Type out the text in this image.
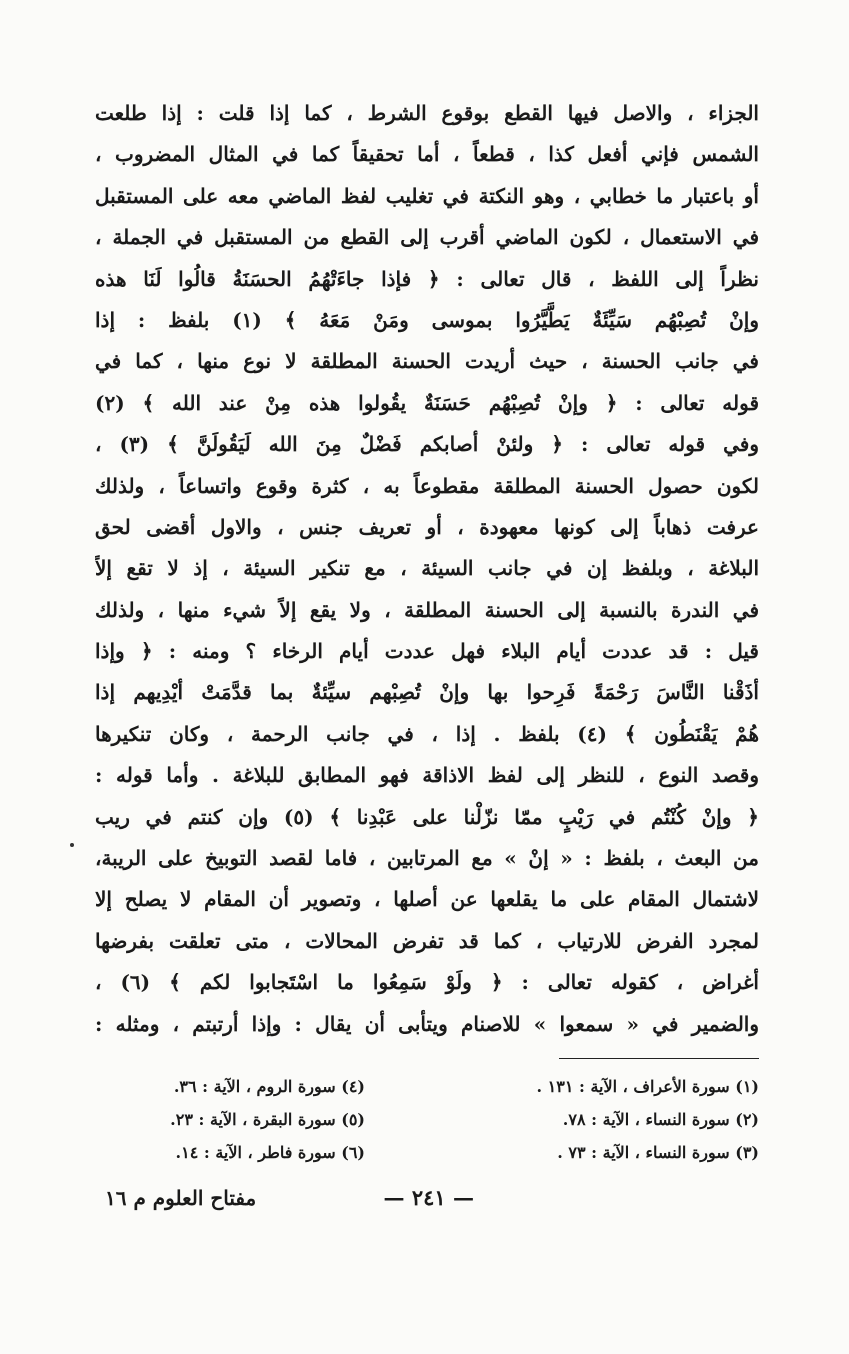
الجزاء ، والاصل فيها القطع بوقوع الشرط ، كما إذا قلت : إذا طلعت
الشمس فإني أفعل كذا ، قطعاً ، أما تحقيقاً كما في المثال المضروب ،
أو باعتبار ما خطابي ، وهو النكتة في تغليب لفظ الماضي معه على المستقبل
في الاستعمال ، لكون الماضي أقرب إلى القطع من المستقبل في الجملة ،
نظراً إلى اللفظ ، قال تعالى : ﴿ فإذا جاءَتْهُمُ الحسَنَةُ قالُوا لَنَا هذه
وإنْ تُصِبْهُم سَيِّئَةٌ يَطَّيَّرُوا بموسى ومَنْ مَعَهُ ﴾ (١) بلفظ : إذا
في جانب الحسنة ، حيث أريدت الحسنة المطلقة لا نوع منها ، كما في
قوله تعالى : ﴿ وإنْ تُصِبْهُم حَسَنَةٌ يقُولوا هذه مِنْ عند الله ﴾ (٢)
وفي قوله تعالى : ﴿ ولئنْ أصابكم فَضْلٌ مِنَ الله لَيَقُولَنَّ ﴾ (٣) ،
لكون حصول الحسنة المطلقة مقطوعاً به ، كثرة وقوع واتساعاً ، ولذلك
عرفت ذهاباً إلى كونها معهودة ، أو تعريف جنس ، والاول أقضى لحق
البلاغة ، وبلفظ إن في جانب السيئة ، مع تنكير السيئة ، إذ لا تقع إلاً
في الندرة بالنسبة إلى الحسنة المطلقة ، ولا يقع إلاً شيء منها ، ولذلك
قيل : قد عددت أيام البلاء فهل عددت أيام الرخاء ؟ ومنه : ﴿ وإذا
أذَقْنا النَّاسَ رَحْمَةً فَرِحوا بها وإنْ تُصِبْهم سيِّئةٌ بما قدَّمَتْ أيْدِيهم إذا
هُمْ يَقْنَطُون ﴾ (٤) بلفظ . إذا ، في جانب الرحمة ، وكان تنكيرها
وقصد النوع ، للنظر إلى لفظ الاذاقة فهو المطابق للبلاغة . وأما قوله :
﴿ وإنْ كُنْتُم في رَيْبٍ ممّا نزّلْنا على عَبْدِنا ﴾ (٥) وإن كنتم في ريب
من البعث ، بلفظ : « إنْ » مع المرتابين ، فاما لقصد التوبيخ على الريبة،
لاشتمال المقام على ما يقلعها عن أصلها ، وتصوير أن المقام لا يصلح إلا
لمجرد الفرض للارتياب ، كما قد تفرض المحالات ، متى تعلقت بفرضها
أغراض ، كقوله تعالى : ﴿ ولَوْ سَمِعُوا ما اسْتَجابوا لكم ﴾ (٦) ،
والضمير في « سمعوا » للاصنام ويتأبى أن يقال : وإذا أرتبتم ، ومثله :
(١) سورة الأعراف ، الآية : ١٣١ .
(٢) سورة النساء ، الآية : ٧٨.
(٣) سورة النساء ، الآية : ٧٣ .
(٤) سورة الروم ، الآية : ٣٦.
(٥) سورة البقرة ، الآية : ٢٣.
(٦) سورة فاطر ، الآية : ١٤.
— ٢٤١ —
مفتاح العلوم م ١٦
